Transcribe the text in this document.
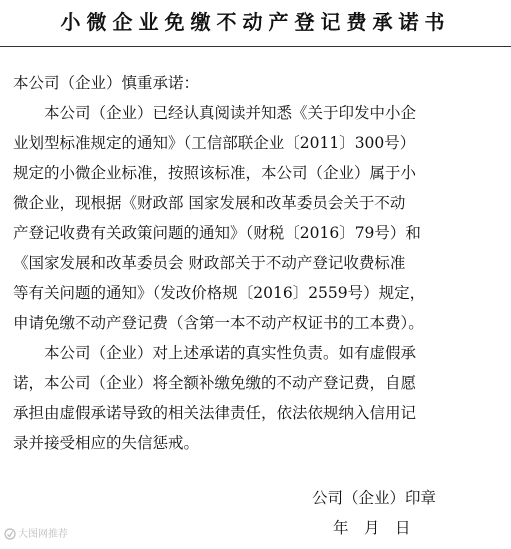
小微企业免缴不动产登记费承诺书
本公司（企业）慎重承诺：
本公司（企业）已经认真阅读并知悉《关于印发中小企
业划型标准规定的通知》（工信部联企业〔2011〕300号）
规定的小微企业标准，按照该标准，本公司（企业）属于小
微企业，现根据《财政部 国家发展和改革委员会关于不动
产登记收费有关政策问题的通知》（财税〔2016〕79号）和
《国家发展和改革委员会 财政部关于不动产登记收费标准
等有关问题的通知》（发改价格规〔2016〕2559号）规定，
申请免缴不动产登记费（含第一本不动产权证书的工本费）。
本公司（企业）对上述承诺的真实性负责。如有虚假承
诺，本公司（企业）将全额补缴免缴的不动产登记费，自愿
承担由虚假承诺导致的相关法律责任，依法依规纳入信用记
录并接受相应的失信惩戒。
公司（企业）印章
年　月　日
大图网推荐
